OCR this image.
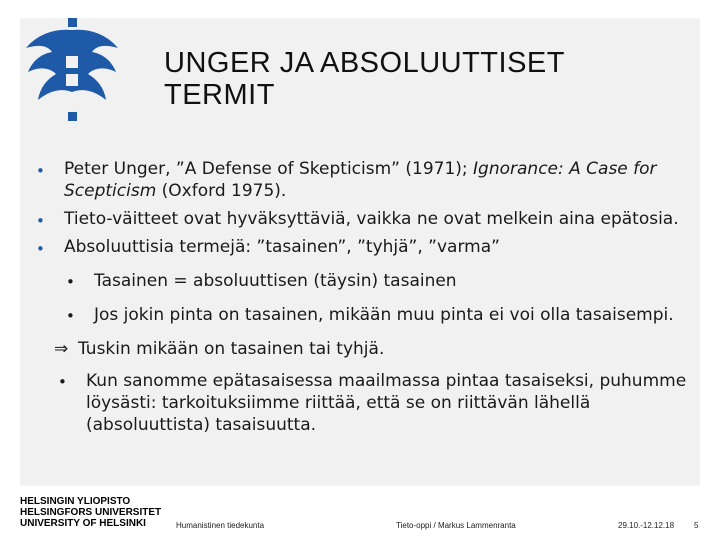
UNGER JA ABSOLUUTTISET
TERMIT
• Peter Unger, ”A Defense of Skepticism” (1971); Ignorance: A Case for
Scepticism (Oxford 1975).
• Tieto-väitteet ovat hyväksyttäviä, vaikka ne ovat melkein aina epätosia.
• Absoluuttisia termejä: ”tasainen”, ”tyhjä”, ”varma”
• Tasainen = absoluuttisen (täysin) tasainen
• Jos jokin pinta on tasainen, mikään muu pinta ei voi olla tasaisempi.
⇒ Tuskin mikään on tasainen tai tyhjä.
• Kun sanomme epätasaisessa maailmassa pintaa tasaiseksi, puhumme löysästi: tarkoituksiimme riittää, että se on riittävän lähellä (absoluuttista) tasaisuutta.
HELSINGIN YLIOPISTO
HELSINGFORS UNIVERSITET
UNIVERSITY OF HELSINKI	Humanistinen tiedekunta	Tieto-oppi / Markus Lammenranta	29.10.-12.12.18 5
